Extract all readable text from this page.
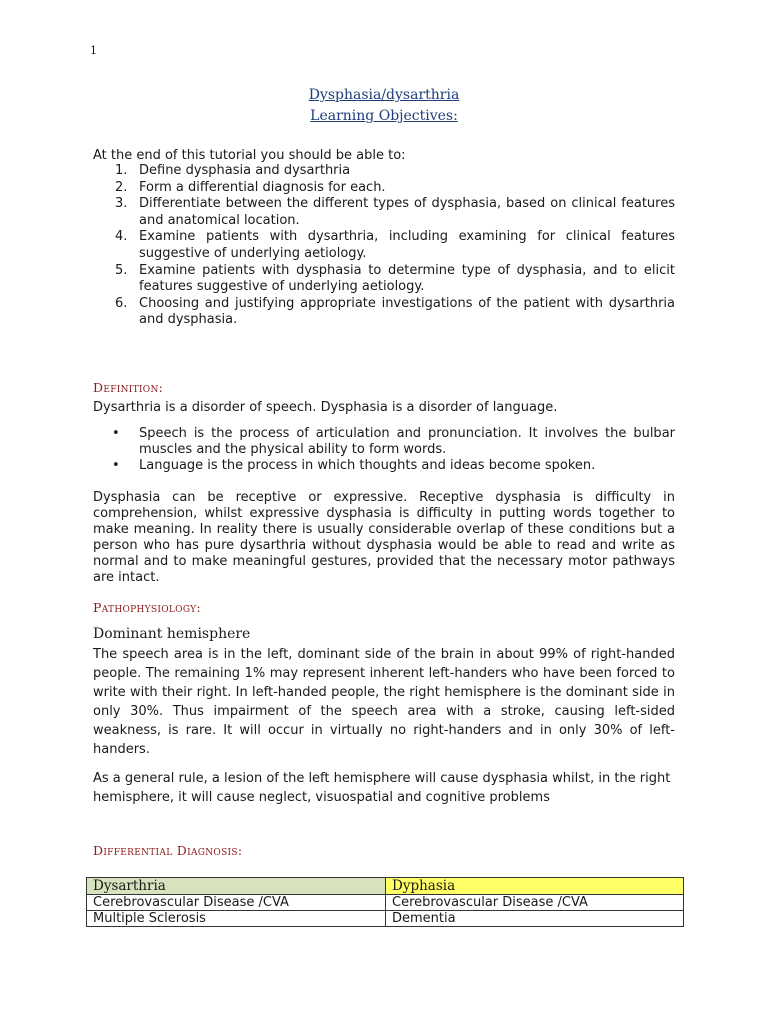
1
Dysphasia/dysarthria
Learning Objectives:
At the end of this tutorial you should be able to:
1. Define dysphasia and dysarthria
2. Form a differential diagnosis for each.
3. Differentiate between the different types of dysphasia, based on clinical features and anatomical location.
4. Examine patients with dysarthria, including examining for clinical features suggestive of underlying aetiology.
5. Examine patients with dysphasia to determine type of dysphasia, and to elicit features suggestive of underlying aetiology.
6. Choosing and justifying appropriate investigations of the patient with dysarthria and dysphasia.
Definition:
Dysarthria is a disorder of speech. Dysphasia is a disorder of language.
• Speech is the process of articulation and pronunciation. It involves the bulbar muscles and the physical ability to form words.
• Language is the process in which thoughts and ideas become spoken.
Dysphasia can be receptive or expressive. Receptive dysphasia is difficulty in comprehension, whilst expressive dysphasia is difficulty in putting words together to make meaning. In reality there is usually considerable overlap of these conditions but a person who has pure dysarthria without dysphasia would be able to read and write as normal and to make meaningful gestures, provided that the necessary motor pathways are intact.
Pathophysiology:
Dominant hemisphere
The speech area is in the left, dominant side of the brain in about 99% of right-handed people. The remaining 1% may represent inherent left-handers who have been forced to write with their right. In left-handed people, the right hemisphere is the dominant side in only 30%. Thus impairment of the speech area with a stroke, causing left-sided weakness, is rare. It will occur in virtually no right-handers and in only 30% of left-handers.
As a general rule, a lesion of the left hemisphere will cause dysphasia whilst, in the right hemisphere, it will cause neglect, visuospatial and cognitive problems
Differential Diagnosis:
Dysarthria	Dyphasia
Cerebrovascular Disease /CVA	Cerebrovascular Disease /CVA
Multiple Sclerosis	Dementia
